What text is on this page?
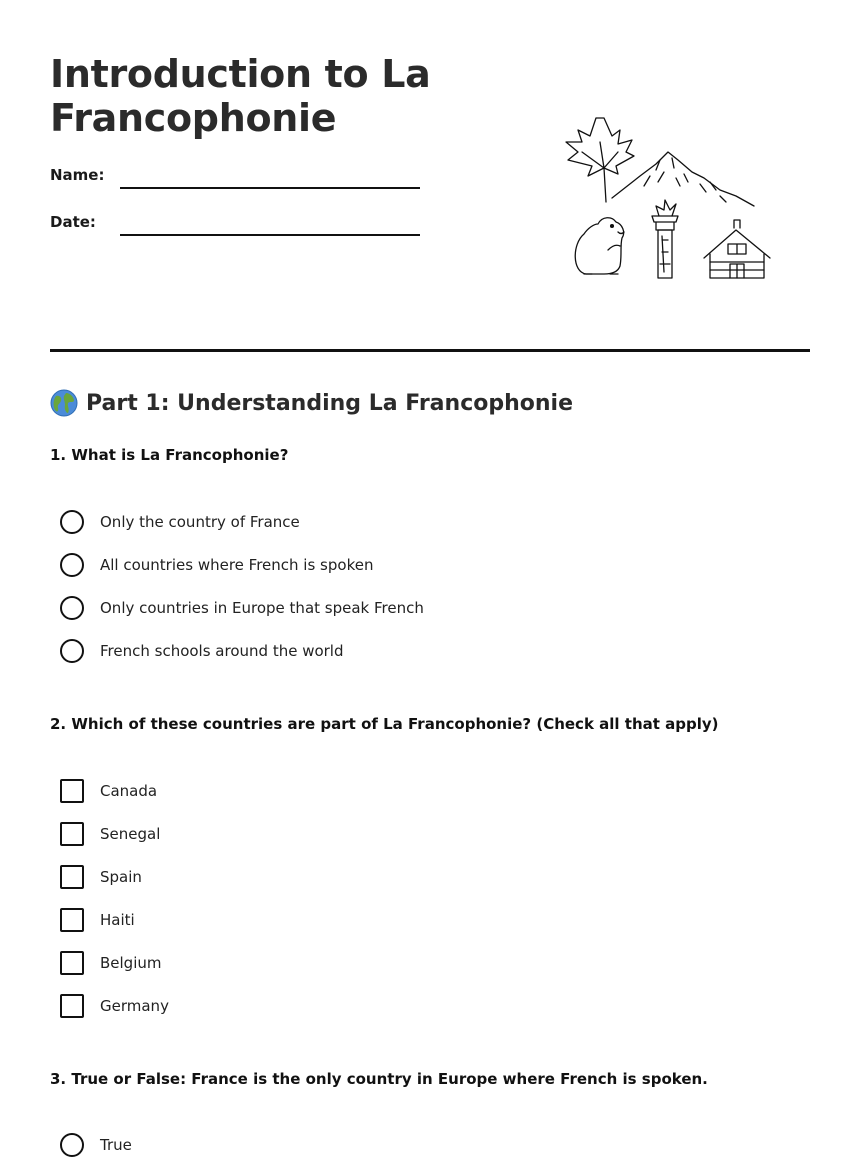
Introduction to La
Francophonie
Name:
Date:
Part 1: Understanding La Francophonie
1. What is La Francophonie?
Only the country of France
All countries where French is spoken
Only countries in Europe that speak French
French schools around the world
2. Which of these countries are part of La Francophonie? (Check all that apply)
Canada
Senegal
Spain
Haiti
Belgium
Germany
3. True or False: France is the only country in Europe where French is spoken.
True
